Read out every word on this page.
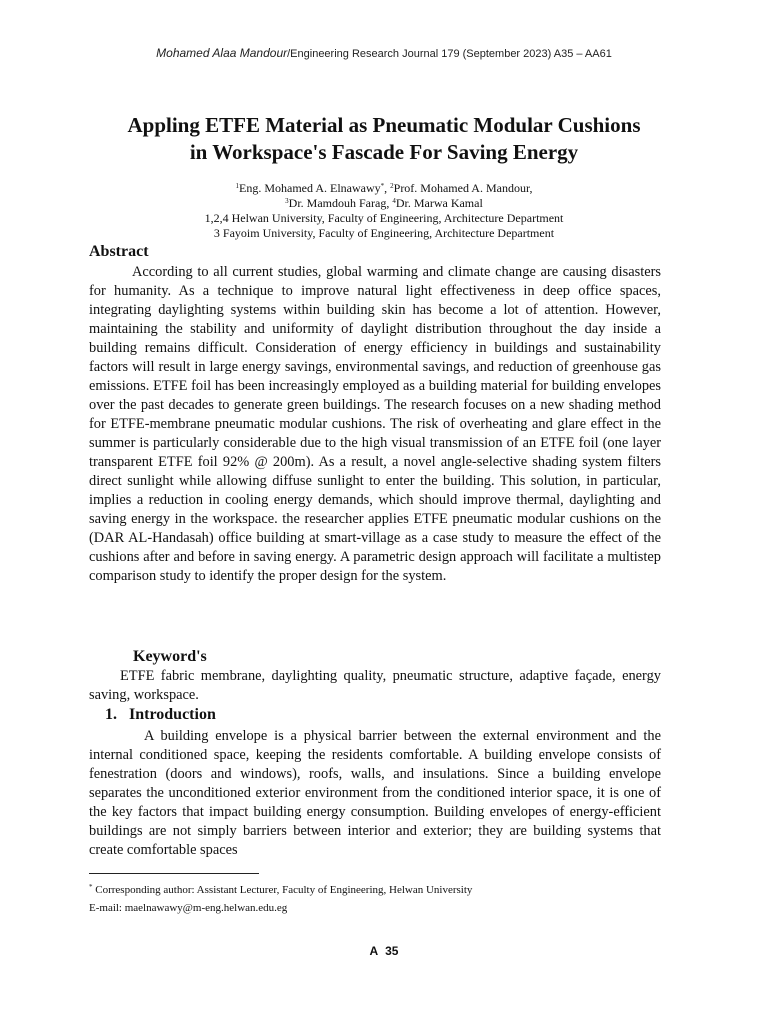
Mohamed Alaa Mandour/Engineering Research Journal 179 (September 2023) A35 – AA61
Appling ETFE Material as Pneumatic Modular Cushions
in Workspace's Fascade For Saving Energy
$^1$Eng. Mohamed A. Elnawawy*, $^2$Prof. Mohamed A. Mandour,
$^3$Dr. Mamdouh Farag, $^4$Dr. Marwa Kamal
1,2,4 Helwan University, Faculty of Engineering, Architecture Department
3 Fayoim University, Faculty of Engineering, Architecture Department
Abstract

According to all current studies, global warming and climate change are causing disasters for humanity. As a technique to improve natural light effectiveness in deep office spaces, integrating daylighting systems within building skin has become a lot of attention. However, maintaining the stability and uniformity of daylight distribution throughout the day inside a building remains difficult. Consideration of energy efficiency in buildings and sustainability factors will result in large energy savings, environmental savings, and reduction of greenhouse gas emissions. ETFE foil has been increasingly employed as a building material for building envelopes over the past decades to generate green buildings. The research focuses on a new shading method for ETFE-membrane pneumatic modular cushions. The risk of overheating and glare effect in the summer is particularly considerable due to the high visual transmission of an ETFE foil (one layer transparent ETFE foil 92% @ 200m). As a result, a novel angle-selective shading system filters direct sunlight while allowing diffuse sunlight to enter the building. This solution, in particular, implies a reduction in cooling energy demands, which should improve thermal, daylighting and saving energy in the workspace. the researcher applies ETFE pneumatic modular cushions on the (DAR AL-Handasah) office building at smart-village as a case study to measure the effect of the cushions after and before in saving energy. A parametric design approach will facilitate a multistep comparison study to identify the proper design for the system.

Keyword's

ETFE fabric membrane, daylighting quality, pneumatic structure, adaptive façade, energy saving, workspace.

1. Introduction

A building envelope is a physical barrier between the external environment and the internal conditioned space, keeping the residents comfortable. A building envelope consists of fenestration (doors and windows), roofs, walls, and insulations. Since a building envelope separates the unconditioned exterior environment from the conditioned interior space, it is one of the key factors that impact building energy consumption. Building envelopes of energy-efficient buildings are not simply barriers between interior and exterior; they are building systems that create comfortable spaces

* Corresponding author: Assistant Lecturer, Faculty of Engineering, Helwan University
E-mail: maelnawawy@m-eng.helwan.edu.eg
A 35
